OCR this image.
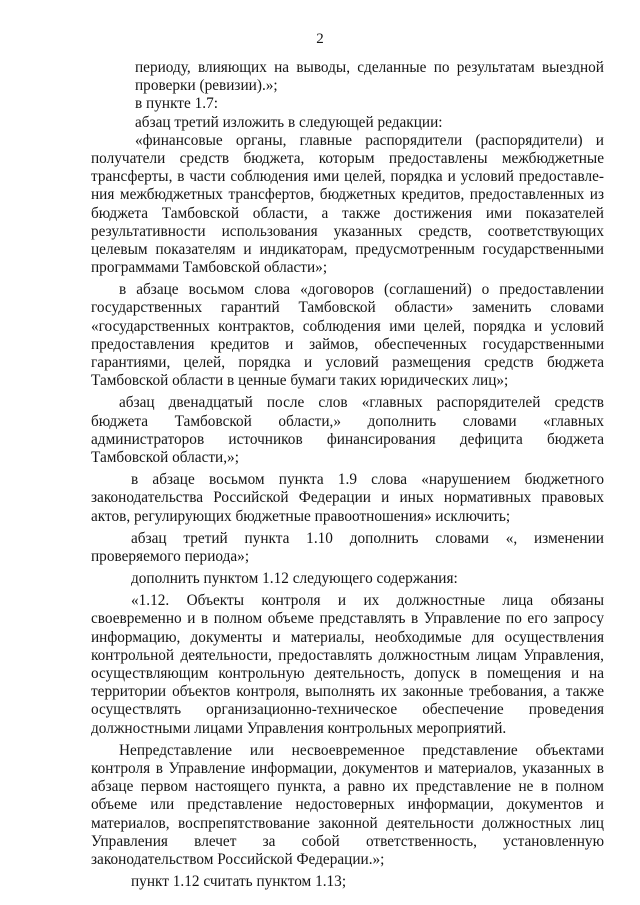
2
периоду, влияющих на выводы, сделанные по результатам выездной
проверки (ревизии).»;
в пункте 1.7:
абзац третий изложить в следующей редакции:
«финансовые органы, главные распорядители (распорядители) и
получатели средств бюджета, которым предоставлены межбюджетные
трансферты, в части соблюдения ими целей, порядка и условий предоставле-
ния межбюджетных трансфертов, бюджетных кредитов, предоставленных из
бюджета Тамбовской области, а также достижения ими показателей
результативности использования указанных средств, соответствующих
целевым показателям и индикаторам, предусмотренным государственными
программами Тамбовской области»;
в абзаце восьмом слова «договоров (соглашений) о предоставлении
государственных гарантий Тамбовской области» заменить словами
«государственных контрактов, соблюдения ими целей, порядка и условий
предоставления кредитов и займов, обеспеченных государственными
гарантиями, целей, порядка и условий размещения средств бюджета
Тамбовской области в ценные бумаги таких юридических лиц»;
абзац двенадцатый после слов «главных распорядителей средств
бюджета Тамбовской области,» дополнить словами «главных
администраторов источников финансирования дефицита бюджета
Тамбовской области,»;
в абзаце восьмом пункта 1.9 слова «нарушением бюджетного
законодательства Российской Федерации и иных нормативных правовых
актов, регулирующих бюджетные правоотношения» исключить;
абзац третий пункта 1.10 дополнить словами «, изменении
проверяемого периода»;
дополнить пунктом 1.12 следующего содержания:
«1.12. Объекты контроля и их должностные лица обязаны
своевременно и в полном объеме представлять в Управление по его запросу
информацию, документы и материалы, необходимые для осуществления
контрольной деятельности, предоставлять должностным лицам Управления,
осуществляющим контрольную деятельность, допуск в помещения и на
территории объектов контроля, выполнять их законные требования, а также
осуществлять организационно-техническое обеспечение проведения
должностными лицами Управления контрольных мероприятий.
Непредставление или несвоевременное представление объектами
контроля в Управление информации, документов и материалов, указанных в
абзаце первом настоящего пункта, а равно их представление не в полном
объеме или представление недостоверных информации, документов и
материалов, воспрепятствование законной деятельности должностных лиц
Управления влечет за собой ответственность, установленную
законодательством Российской Федерации.»;
пункт 1.12 считать пунктом 1.13;
